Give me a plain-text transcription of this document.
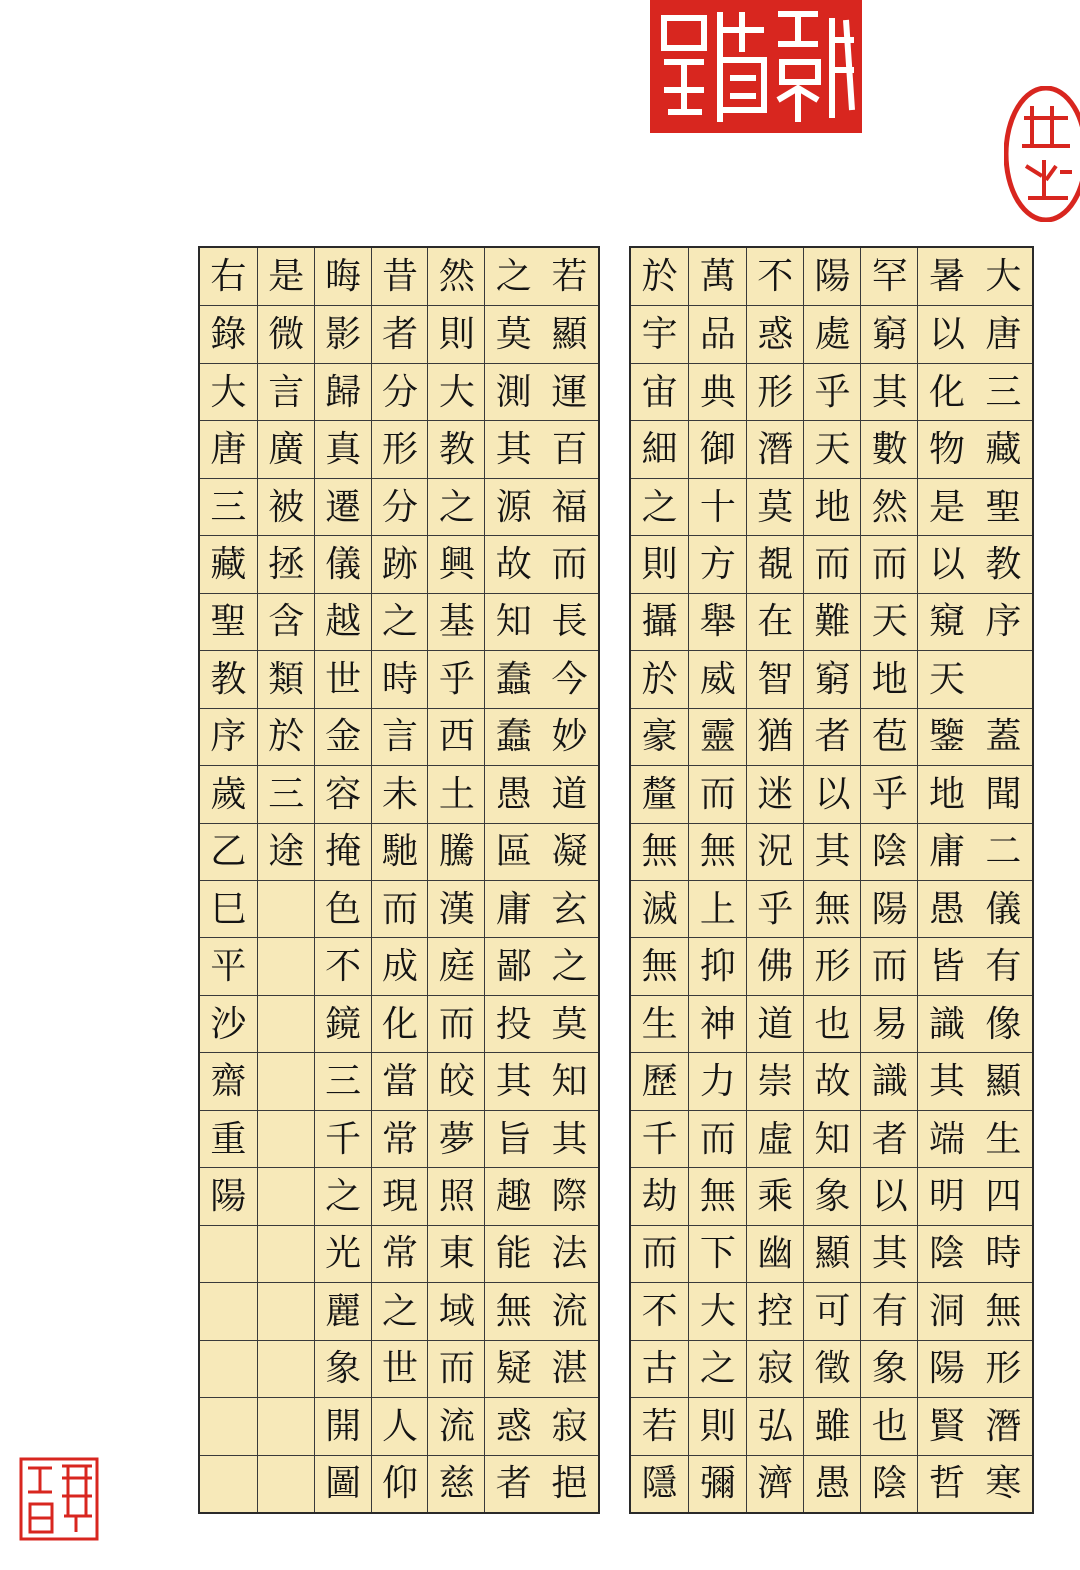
大
唐
三
藏
聖
教
序
蓋
聞
二
儀
有
像
顯
生
四
時
無
形
潛
寒
暑
以
化
物
是
以
窺
天
鑒
地
庸
愚
皆
識
其
端
明
陰
洞
陽
賢
哲
罕
窮
其
數
然
而
天
地
苞
乎
陰
陽
而
易
識
者
以
其
有
象
也
陰
陽
處
乎
天
地
而
難
窮
者
以
其
無
形
也
故
知
象
顯
可
徵
雖
愚
不
惑
形
潛
莫
覩
在
智
猶
迷
況
乎
佛
道
崇
虛
乘
幽
控
寂
弘
濟
萬
品
典
御
十
方
舉
威
靈
而
無
上
抑
神
力
而
無
下
大
之
則
彌
於
宇
宙
細
之
則
攝
於
豪
釐
無
滅
無
生
歷
千
劫
而
不
古
若
隱
若
顯
運
百
福
而
長
今
妙
道
凝
玄
之
莫
知
其
際
法
流
湛
寂
挹
之
莫
測
其
源
故
知
蠢
蠢
愚
區
庸
鄙
投
其
旨
趣
能
無
疑
惑
者
然
則
大
教
之
興
基
乎
西
土
騰
漢
庭
而
皎
夢
照
東
域
而
流
慈
昔
者
分
形
分
跡
之
時
言
未
馳
而
成
化
當
常
現
常
之
世
人
仰
晦
影
歸
真
遷
儀
越
世
金
容
掩
色
不
鏡
三
千
之
光
麗
象
開
圖
是
微
言
廣
被
拯
含
類
於
三
途
右
錄
大
唐
三
藏
聖
教
序
歲
乙
巳
平
沙
齋
重
陽
